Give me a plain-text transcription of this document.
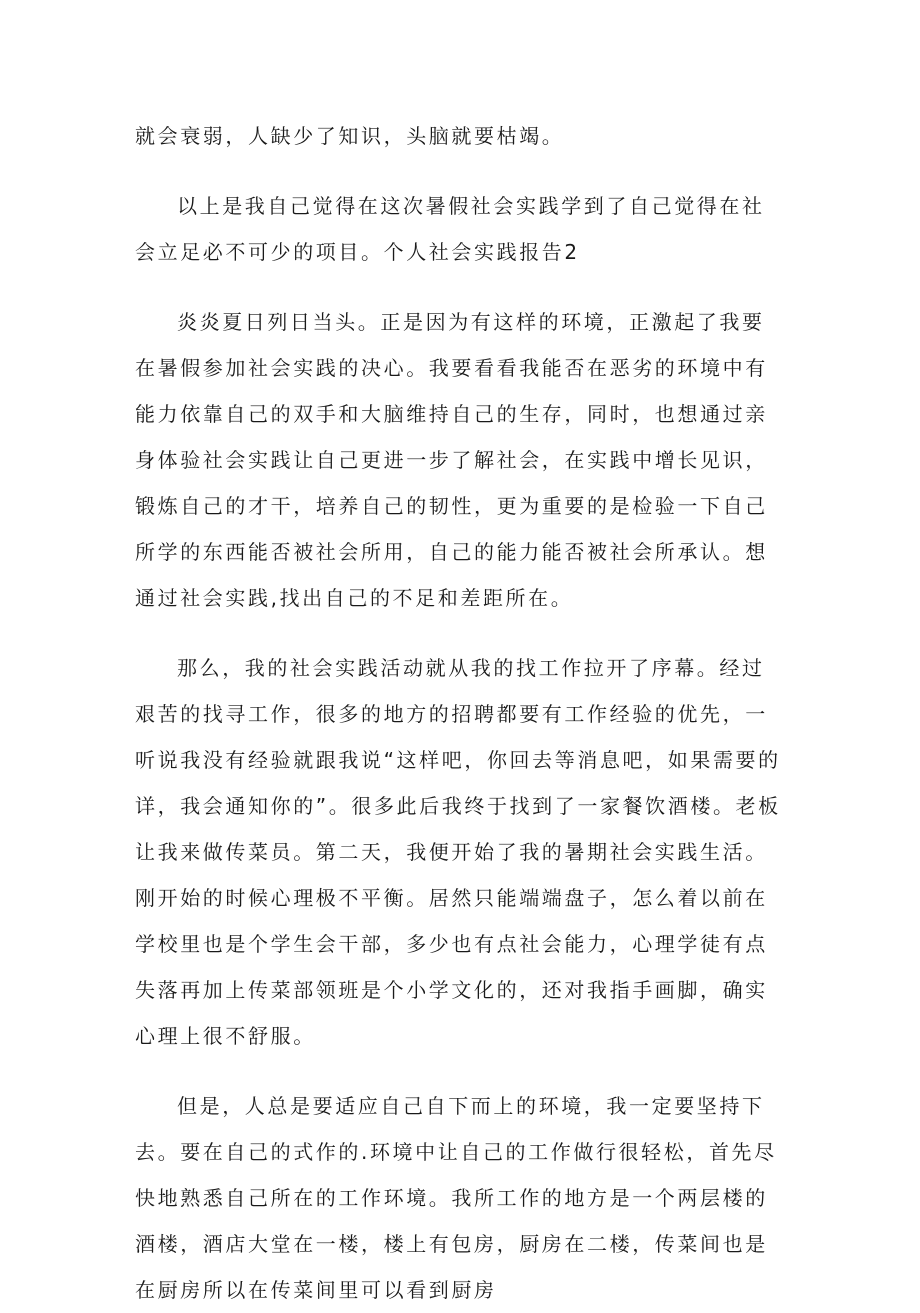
就会衰弱，人缺少了知识，头脑就要枯竭。

以上是我自己觉得在这次暑假社会实践学到了自己觉得在社会立足必不可少的项目。个人社会实践报告2

炎炎夏日列日当头。正是因为有这样的环境，正激起了我要在暑假参加社会实践的决心。我要看看我能否在恶劣的环境中有能力依靠自己的双手和大脑维持自己的生存，同时，也想通过亲身体验社会实践让自己更进一步了解社会，在实践中增长见识，锻炼自己的才干，培养自己的韧性，更为重要的是检验一下自己所学的东西能否被社会所用，自己的能力能否被社会所承认。想通过社会实践,找出自己的不足和差距所在。

那么，我的社会实践活动就从我的找工作拉开了序幕。经过艰苦的找寻工作，很多的地方的招聘都要有工作经验的优先，一听说我没有经验就跟我说“这样吧，你回去等消息吧，如果需要的详，我会通知你的”。很多此后我终于找到了一家餐饮酒楼。老板让我来做传菜员。第二天，我便开始了我的暑期社会实践生活。刚开始的时候心理极不平衡。居然只能端端盘子，怎么着以前在学校里也是个学生会干部，多少也有点社会能力，心理学徒有点失落再加上传菜部领班是个小学文化的，还对我指手画脚，确实心理上很不舒服。

但是，人总是要适应自己自下而上的环境，我一定要坚持下去。要在自己的式作的.环境中让自己的工作做行很轻松，首先尽快地熟悉自己所在的工作环境。我所工作的地方是一个两层楼的酒楼，酒店大堂在一楼，楼上有包房，厨房在二楼，传菜间也是在厨房所以在传菜间里可以看到厨房
